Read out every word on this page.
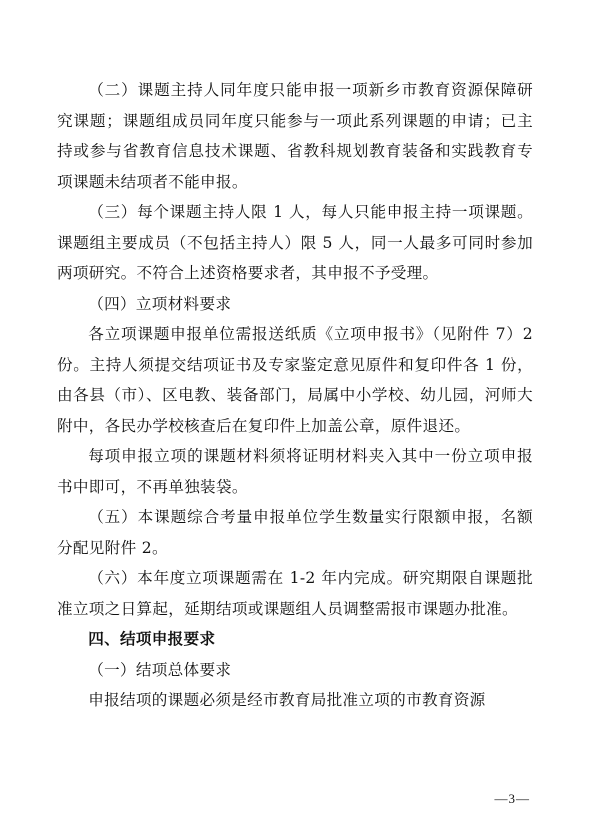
（二）课题主持人同年度只能申报一项新乡市教育资源保障研究课题；课题组成员同年度只能参与一项此系列课题的申请；已主持或参与省教育信息技术课题、省教科规划教育装备和实践教育专项课题未结项者不能申报。

（三）每个课题主持人限 1 人，每人只能申报主持一项课题。课题组主要成员（不包括主持人）限 5 人，同一人最多可同时参加两项研究。不符合上述资格要求者，其申报不予受理。

（四）立项材料要求

各立项课题申报单位需报送纸质《立项申报书》（见附件 7）2 份。主持人须提交结项证书及专家鉴定意见原件和复印件各 1 份，由各县（市）、区电教、装备部门，局属中小学校、幼儿园，河师大附中，各民办学校核查后在复印件上加盖公章，原件退还。

每项申报立项的课题材料须将证明材料夹入其中一份立项申报书中即可，不再单独装袋。

（五）本课题综合考量申报单位学生数量实行限额申报，名额分配见附件 2。

（六）本年度立项课题需在 1-2 年内完成。研究期限自课题批准立项之日算起，延期结项或课题组人员调整需报市课题办批准。

四、结项申报要求

（一）结项总体要求

申报结项的课题必须是经市教育局批准立项的市教育资源

—3—
